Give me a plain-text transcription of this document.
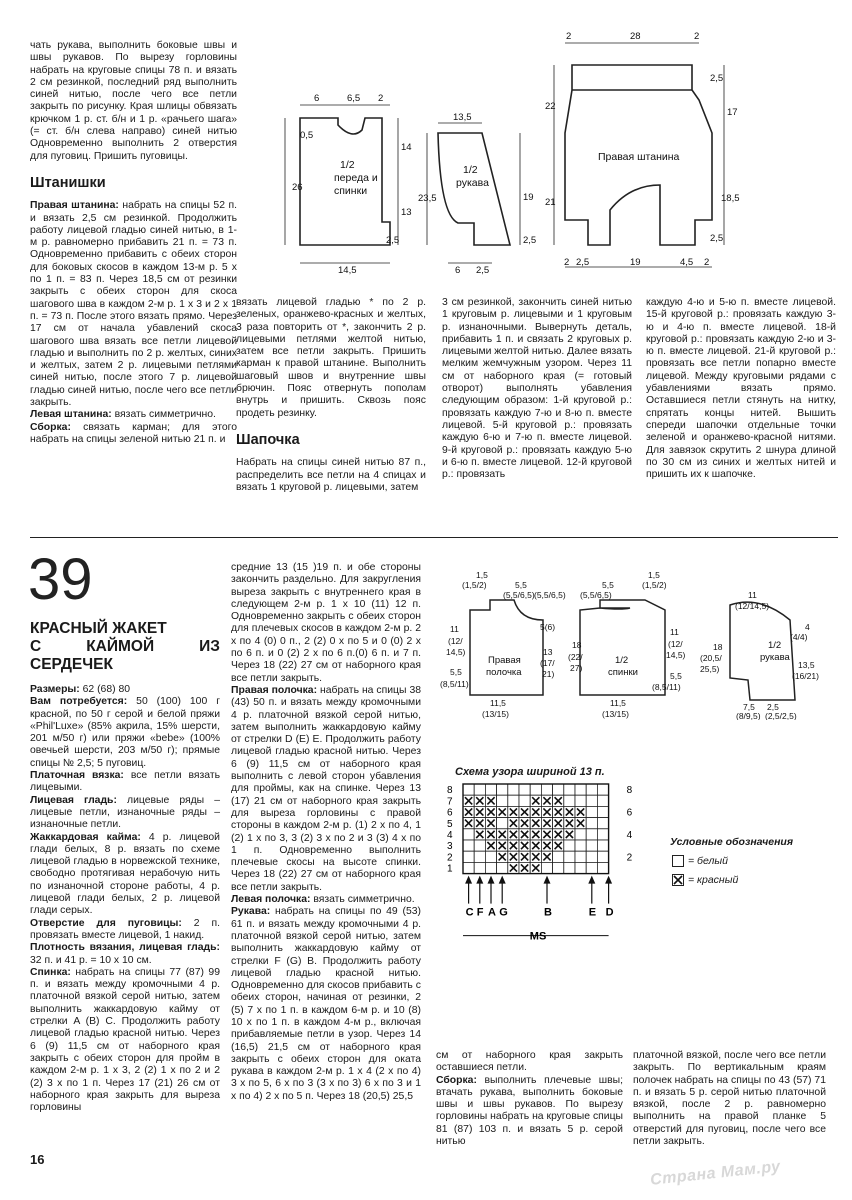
чать рукава, выполнить боковые швы и швы рукавов. По вырезу горловины набрать на круговые спицы 78 п. и вязать 2 см резинкой, последний ряд выполнить синей нитью, после чего все петли закрыть по рисунку. Края шлицы обвязать крючком 1 р. ст. б/н и 1 р. «рачьего шага» (= ст. б/н слева направо) синей нитью Одновременно выполнить 2 отверстия для пуговиц. Пришить пуговицы.

Штанишки

Правая штанина: набрать на спицы 52 п. и вязать 2,5 см резинкой. Продолжить работу лицевой гладью синей нитью, в 1-м р. равномерно прибавить 21 п. = 73 п. Одновременно прибавить с обеих сторон для боковых скосов в каждом 13-м р. 5 х по 1 п. = 83 п. Через 18,5 см от резинки закрыть с обеих сторон для скоса шагового шва в каждом 2-м р. 1 х 3 и 2 х 1 п. = 73 п. После этого вязать прямо. Через 17 см от начала убавлений скоса шагового шва вязать все петли лицевой гладью и выполнить по 2 р. желтых, синих и желтых, затем 2 р. лицевыми петлями синей нитью, после этого 7 р. лицевой гладью синей нитью, после чего все петли закрыть.

Левая штанина: вязать симметрично.

Сборка: связать карман; для этого набрать на спицы зеленой нитью 21 п. и

вязать лицевой гладью * по 2 р. зеленых, оранжево-красных и желтых, 3 раза повторить от *, закончить 2 р. лицевыми петлями желтой нитью, затем все петли закрыть. Пришить карман к правой штанине. Выполнить шаговый швов и внутренние швы брючин. Пояс отвернуть пополам внутрь и пришить. Сквозь пояс продеть резинку.

Шапочка

Набрать на спицы синей нитью 87 п., распределить все петли на 4 спицах и вязать 1 круговой р. лицевыми, затем

3 см резинкой, закончить синей нитью 1 круговым р. лицевыми и 1 круговым р. изнаночными. Вывернуть деталь, прибавить 1 п. и связать 2 круговых р. лицевыми желтой нитью. Далее вязать мелким жемчужным узором. Через 11 см от наборного края (= готовый отворот) выполнять убавления следующим образом: 1-й круговой р.: провязать каждую 7-ю и 8-ю п. вместе лицевой. 5-й круговой р.: провязать каждую 6-ю и 7-ю п. вместе лицевой. 9-й круговой р.: провязать каждую 5-ю и 6-ю п. вместе лицевой. 12-й круговой р.: провязать

каждую 4-ю и 5-ю п. вместе лицевой. 15-й круговой р.: провязать каждую 3-ю и 4-ю п. вместе лицевой. 18-й круговой р.: провязать каждую 2-ю и 3-ю п. вместе лицевой. 21-й круговой р.: провязать все петли попарно вместе лицевой. Между круговыми рядами с убавлениями вязать прямо. Оставшиеся петли стянуть на нитку, спрятать концы нитей. Вышить спереди шапочки отдельные точки зеленой и оранжево-красной нитями. Для завязок скрутить 2 шнура длиной по 30 см из синих и желтых нитей и пришить их к шапочке.

6	6,5 2
0,5
26
14
13
2,5
14,5
1/2
переда и
спинки
13,5
23,5	19
2,5
6 2,5
1/2
рукава
2	28	2
22
21
2,5
17
18,5
2,5
2 2,5	19	4,5 2
Правая штанина
39
КРАСНЫЙ ЖАКЕТ
С КАЙМОЙ ИЗ СЕРДЕЧЕК

Размеры: 62 (68) 80

Вам потребуется: 50 (100) 100 г красной, по 50 г серой и белой пряжи «Phil'Luxe» (85% акрила, 15% шерсти, 201 м/50 г) или пряжи «bebe» (100% овечьей шерсти, 203 м/50 г); прямые спицы № 2,5; 5 пуговиц.

Платочная вязка: все петли вязать лицевыми.

Лицевая гладь: лицевые ряды – лицевые петли, изнаночные ряды – изнаночные петли.

Жаккардовая кайма: 4 р. лицевой глади белых, 8 р. вязать по схеме лицевой гладью в норвежской технике, свободно протягивая нерабочую нить по изнаночной стороне работы, 4 р. лицевой глади белых, 2 р. лицевой глади серых.

Отверстие для пуговицы: 2 п. провязать вместе лицевой, 1 накид.

Плотность вязания, лицевая гладь: 32 п. и 41 р. = 10 х 10 см.

Спинка: набрать на спицы 77 (87) 99 п. и вязать между кромочными 4 р. платочной вязкой серой нитью, затем выполнить жаккардовую кайму от стрелки A (B) C. Продолжить работу лицевой гладью красной нитью. Через 6 (9) 11,5 см от наборного края закрыть с обеих сторон для пройм в каждом 2-м р. 1 х 3, 2 (2) 1 х по 2 и 2 (2) 3 х по 1 п. Через 17 (21) 26 см от наборного края закрыть для выреза горловины

средние 13 (15 )19 п. и обе стороны закончить раздельно. Для закругления выреза закрыть с внутреннего края в следующем 2-м р. 1 х 10 (11) 12 п. Одновременно закрыть с обеих сторон для плечевых скосов в каждом 2-м р. 2 х по 4 (0) 0 п., 2 (2) 0 х по 5 и 0 (0) 2 х по 6 п. и 0 (2) 2 х по 6 п.(0) 6 п. и 7 п. Через 18 (22) 27 см от наборного края все петли закрыть.

Правая полочка: набрать на спицы 38 (43) 50 п. и вязать между кромочными 4 р. платочной вязкой серой нитью, затем выполнить жаккардовую кайму от стрелки D (E) E. Продолжить работу лицевой гладью красной нитью. Через 6 (9) 11,5 см от наборного края выполнить с левой сторон убавления для проймы, как на спинке. Через 13 (17) 21 см от наборного края закрыть для выреза горловины с правой стороны в каждом 2-м р. (1) 2 х по 4, 1 (2) 1 х по 3, 3 (2) 3 х по 2 и 3 (3) 4 х по 1 п. Одновременно выполнить плечевые скосы на высоте спинки. Через 18 (22) 27 см от наборного края все петли закрыть.

Левая полочка: вязать симметрично.

Рукава: набрать на спицы по 49 (53) 61 п. и вязать между кромочными 4 р. платочной вязкой серой нитью, затем выполнить жаккардовую кайму от стрелки F (G) B. Продолжить работу лицевой гладью красной нитью. Одновременно для скосов прибавить с обеих сторон, начиная от резинки, 2 (5) 7 х по 1 п. в каждом 6-м р. и 10 (8) 10 х по 1 п. в каждом 4-м р., включая прибавляемые петли в узор. Через 14 (16,5) 21,5 см от наборного края закрыть с обеих сторон для оката рукава в каждом 2-м р. 1 х 4 (2 х по 4) 3 х по 5, 6 х по 3 (3 х по 3) 6 х по 3 и 1 х по 4) 2 х по 5 п. Через 18 (20,5) 25,5

см от наборного края закрыть оставшиеся петли.

Сборка: выполнить плечевые швы; втачать рукава, выполнить боковые швы и швы рукавов. По вырезу горловины набрать на круговые спицы 81 (87) 103 п. и вязать 5 р. серой нитью

платочной вязкой, после чего все петли закрыть. По вертикальным краям полочек набрать на спицы по 43 (57) 71 п. и вязать 5 р. серой нитью платочной вязкой, после 2 р. равномерно выполнить на правой планке 5 отверстий для пуговиц, после чего все петли закрыть.

1,5
(1,5/2)	5,5
(5,5/6,5) (5,5/6,5)
5(6)
13
(17/
21)
11
(12/
14,5)
5,5
(8,5/11)
11,5
(13/15)
Правая
полочка
5,5
1,5
(5,5/6,5)
(1,5/2)
18
(22/
27)
11
(12/
14,5)
5,5
(8,5/11)
11,5
(13/15)
1/2
спинки
11
(12/14,5)
18
(20,5/
25,5)
4
(4/4)
13,5
(16/21)
7,5
(8/9,5)
2,5
(2,5/2,5)
1/2
рукава
Схема узора шириной 13 п.
8	8
7
6	6
5
4	4
3
2	2
1
C F A G	B	E D
MS
Условные обозначения
= белый
= красный
16	Страна Мам.ру
